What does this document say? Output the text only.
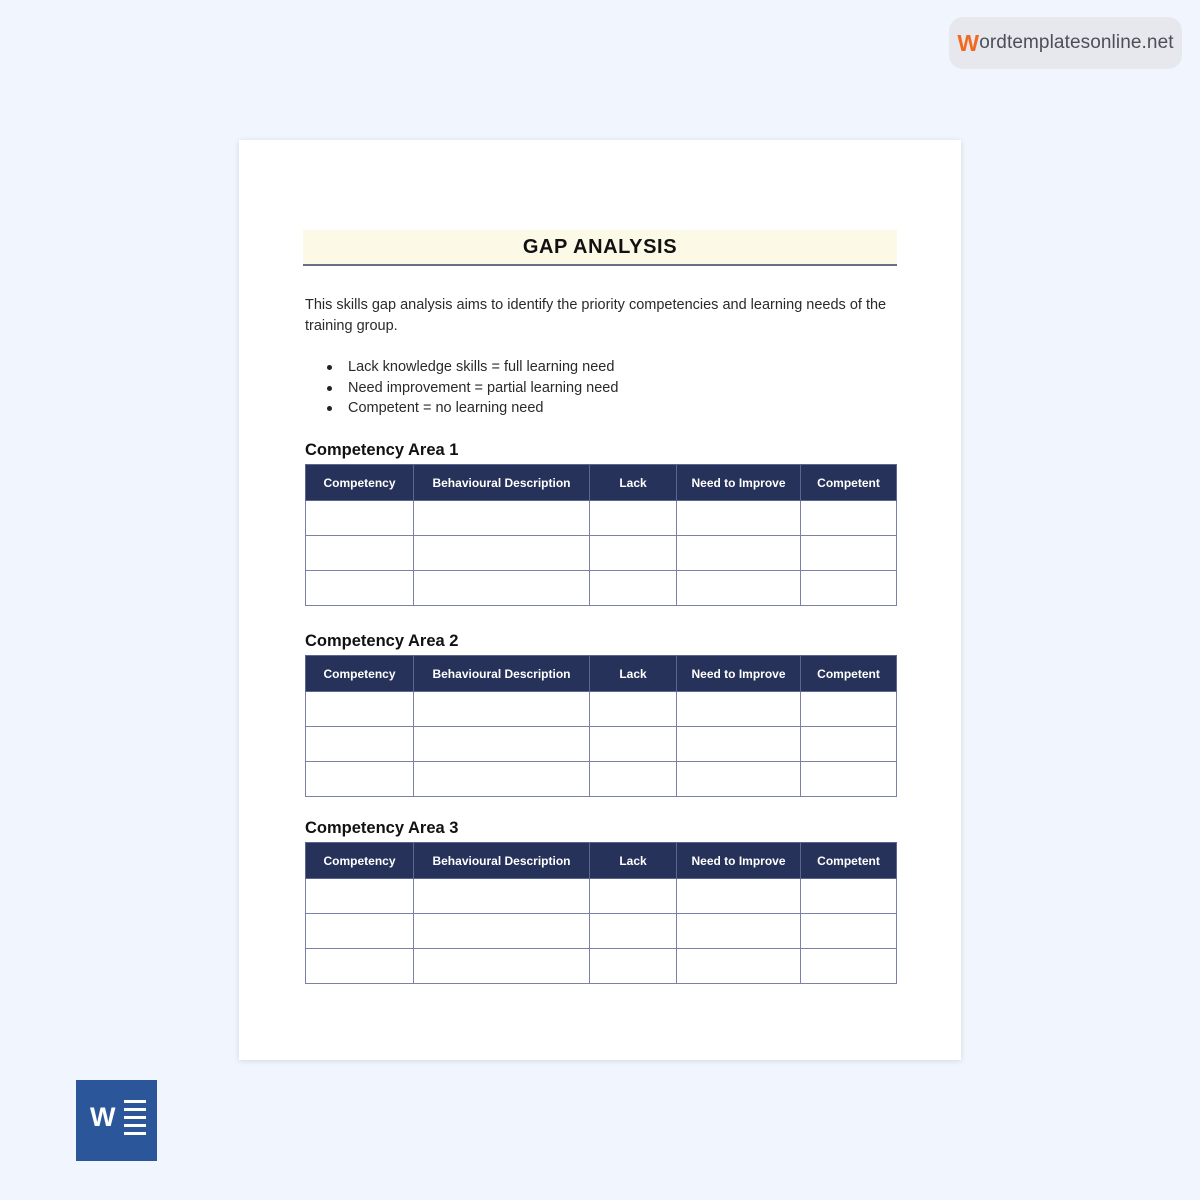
W ordtemplatesonline.net
GAP ANALYSIS

This skills gap analysis aims to identify the priority competencies and learning needs of the training group.

Lack knowledge skills = full learning need
Need improvement = partial learning need
Competent = no learning need
Competency Area 1
Competency	Behavioural Description	Lack	Need to Improve	Competent

Competency Area 2
Competency	Behavioural Description	Lack	Need to Improve	Competent

Competency Area 3
Competency	Behavioural Description	Lack	Need to Improve	Competent

W
